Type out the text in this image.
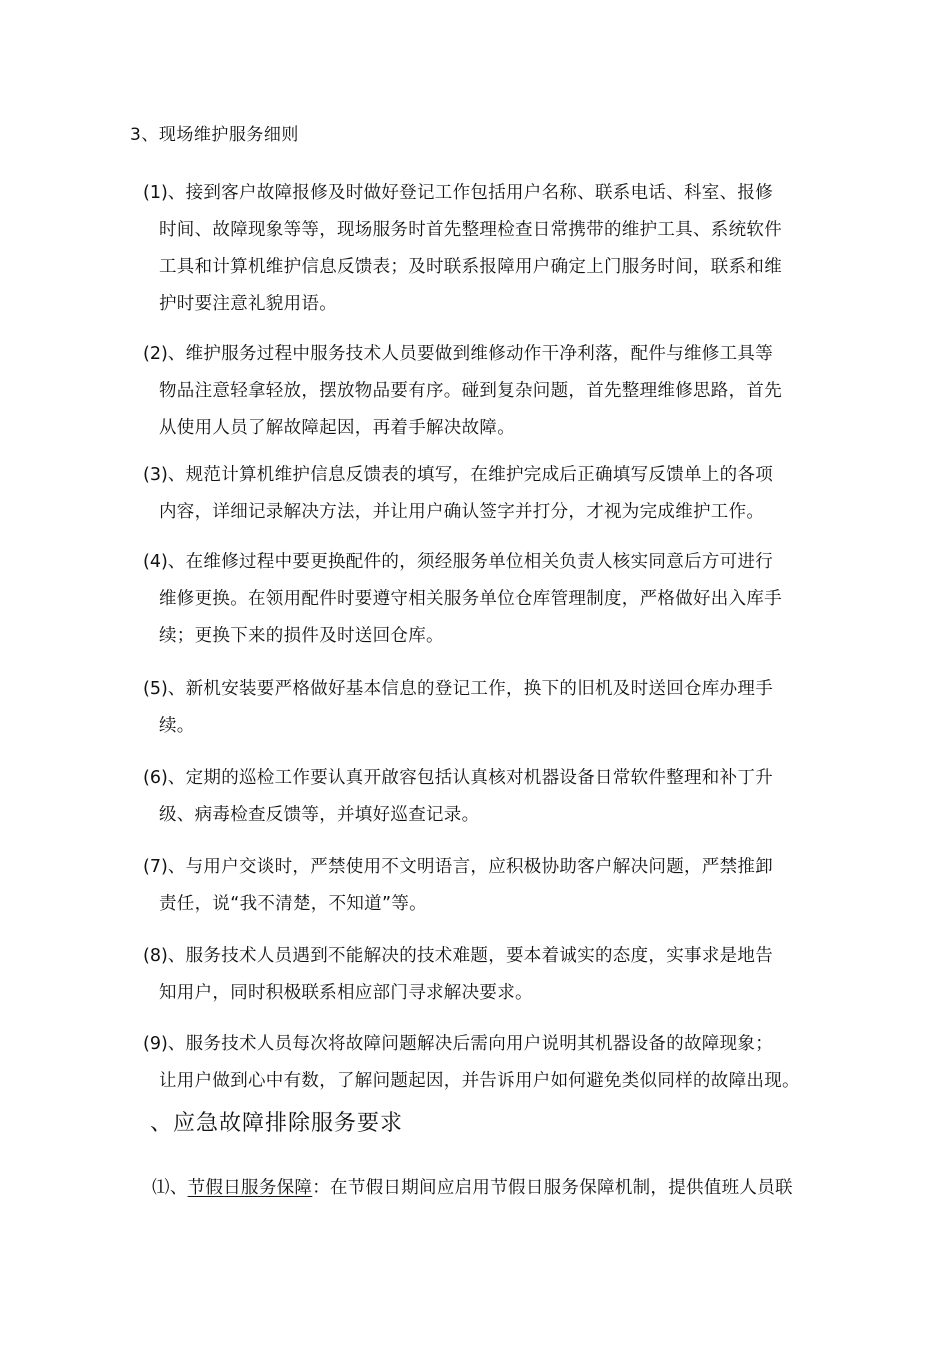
3、现场维护服务细则
(1)、接到客户故障报修及时做好登记工作包括用户名称、联系电话、科室、报修
时间、故障现象等等，现场服务时首先整理检查日常携带的维护工具、系统软件
工具和计算机维护信息反馈表；及时联系报障用户确定上门服务时间，联系和维
护时要注意礼貌用语。
(2)、维护服务过程中服务技术人员要做到维修动作干净利落，配件与维修工具等
物品注意轻拿轻放，摆放物品要有序。碰到复杂问题，首先整理维修思路，首先
从使用人员了解故障起因，再着手解决故障。
(3)、规范计算机维护信息反馈表的填写，在维护完成后正确填写反馈单上的各项
内容，详细记录解决方法，并让用户确认签字并打分，才视为完成维护工作。
(4)、在维修过程中要更换配件的，须经服务单位相关负责人核实同意后方可进行
维修更换。在领用配件时要遵守相关服务单位仓库管理制度，严格做好出入库手
续；更换下来的损件及时送回仓库。
(5)、新机安装要严格做好基本信息的登记工作，换下的旧机及时送回仓库办理手
续。
(6)、定期的巡检工作要认真开啟容包括认真核对机器设备日常软件整理和补丁升
级、病毒检查反馈等，并填好巡查记录。
(7)、与用户交谈时，严禁使用不文明语言，应积极协助客户解决问题，严禁推卸
责任，说“我不清楚，不知道”等。
(8)、服务技术人员遇到不能解决的技术难题，要本着诚实的态度，实事求是地告
知用户，同时积极联系相应部门寻求解决要求。
(9)、服务技术人员每次将故障问题解决后需向用户说明其机器设备的故障现象；
让用户做到心中有数，了解问题起因，并告诉用户如何避免类似同样的故障出现。
、应急故障排除服务要求
⑴、节假日服务保障：在节假日期间应启用节假日服务保障机制，提供值班人员联
